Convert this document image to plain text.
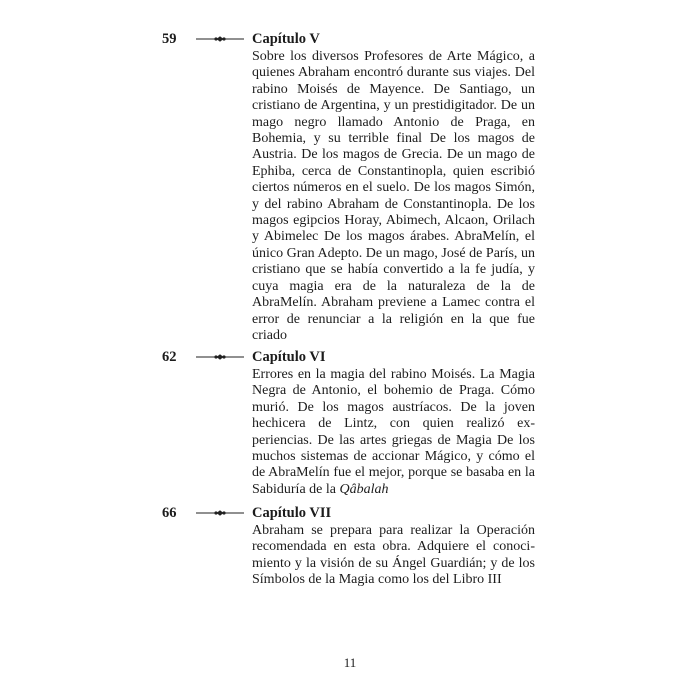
59	Capítulo V

Sobre los diversos Profesores de Arte Mágico, a quienes Abraham encontró durante sus viajes. Del rabino Moisés de Mayence. De Santiago, un cristiano de Argentina, y un prestidigitador. De un mago negro llamado Antonio de Praga, en Bohemia, y su terrible final De los magos de Austria. De los magos de Grecia. De un mago de Ephiba, cerca de Constantinopla, quien escribió ciertos números en el suelo. De los magos Simón, y del rabino Abraham de Constantinopla. De los magos egipcios Horay, Abimech, Alcaon, Orilach y Abimelec De los magos árabes. AbraMelín, el único Gran Adepto. De un mago, José de París, un cristiano que se había convertido a la fe judía, y cuya magia era de la naturaleza de la de AbraMelín. Abraham previene a Lamec contra el error de renunciar a la religión en la que fue criado

62	Capítulo VI

Errores en la magia del rabino Moisés. La Magia Negra de Antonio, el bohemio de Praga. Cómo murió. De los magos austríacos. De la joven hechicera de Lintz, con quien realizó experiencias. De las artes griegas de Magia De los muchos sistemas de accionar Mágico, y cómo el de AbraMelín fue el mejor, porque se basaba en la Sabiduría de la Qâbalah

66	Capítulo VII

Abraham se prepara para realizar la Operación recomendada en esta obra. Adquiere el conocimiento y la visión de su Ángel Guardián; y de los Símbolos de la Magia como los del Libro III

11
